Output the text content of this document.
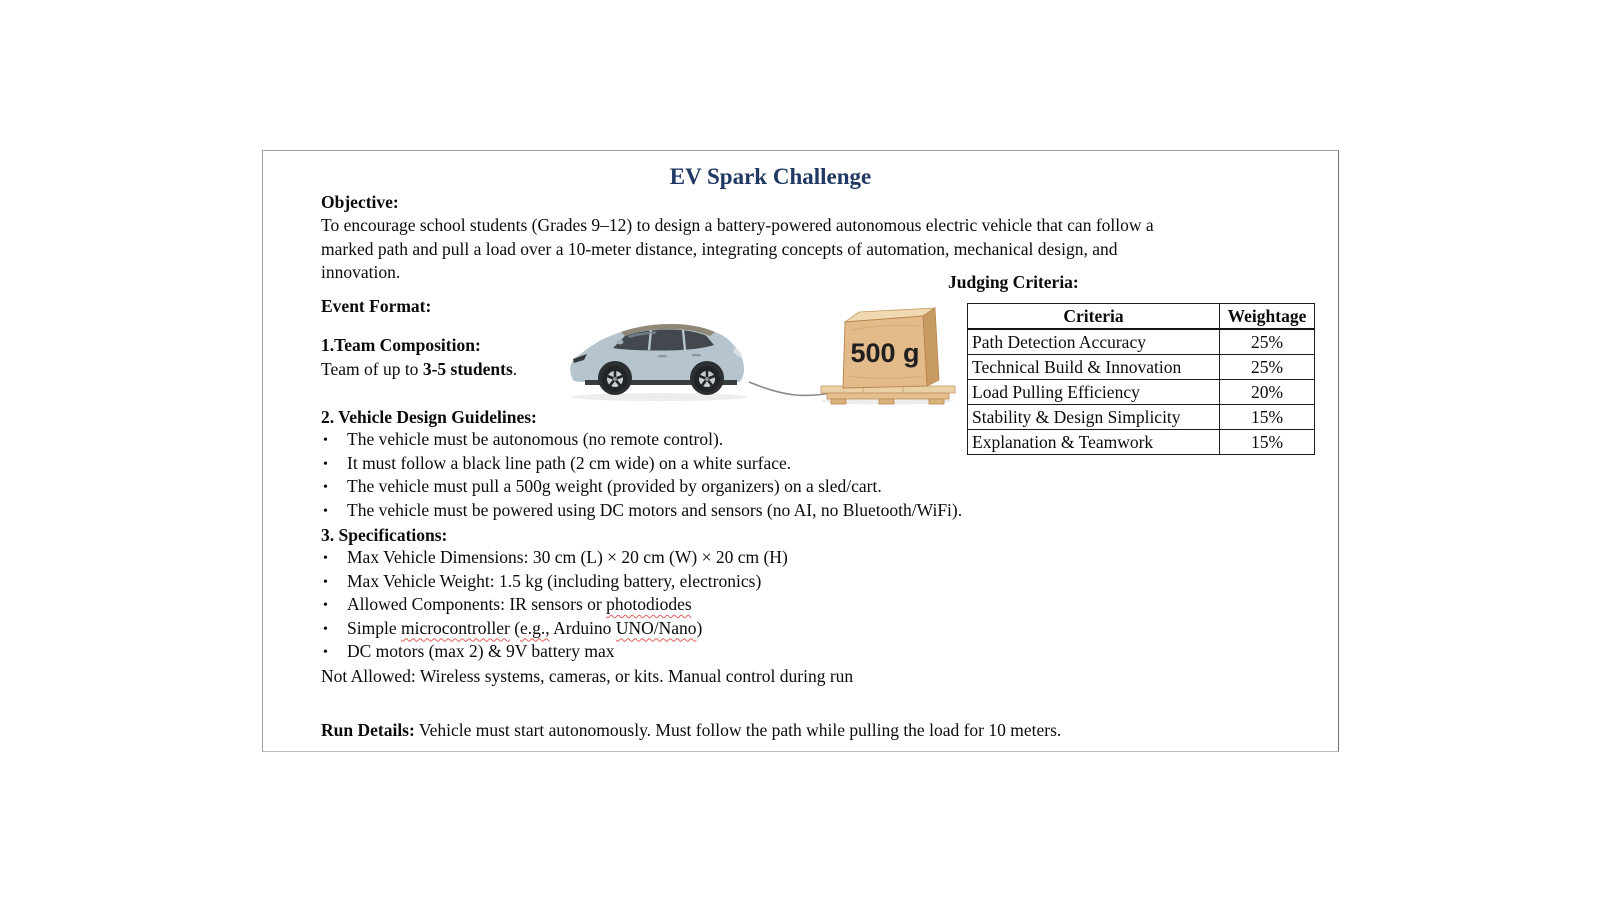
EV Spark Challenge
Objective:
To encourage school students (Grades 9–12) to design a battery-powered autonomous electric vehicle that can follow a
marked path and pull a load over a 10-meter distance, integrating concepts of automation, mechanical design, and
innovation.	Judging Criteria:
Criteria	Weightage
Path Detection Accuracy	25%
Technical Build & Innovation	25%
Load Pulling Efficiency	20%
Stability & Design Simplicity	15%
Explanation & Teamwork	15%
Event Format:
1.Team Composition:
Team of up to 3-5 students.
500 g
2. Vehicle Design Guidelines:
• The vehicle must be autonomous (no remote control).
• It must follow a black line path (2 cm wide) on a white surface.
• The vehicle must pull a 500g weight (provided by organizers) on a sled/cart.
• The vehicle must be powered using DC motors and sensors (no AI, no Bluetooth/WiFi).
3. Specifications:
• Max Vehicle Dimensions: 30 cm (L) × 20 cm (W) × 20 cm (H)
• Max Vehicle Weight: 1.5 kg (including battery, electronics)
• Allowed Components: IR sensors or photodiodes
• Simple microcontroller (e.g., Arduino UNO/Nano)
• DC motors (max 2) & 9V battery max
Not Allowed: Wireless systems, cameras, or kits. Manual control during run
Run Details: Vehicle must start autonomously. Must follow the path while pulling the load for 10 meters.
